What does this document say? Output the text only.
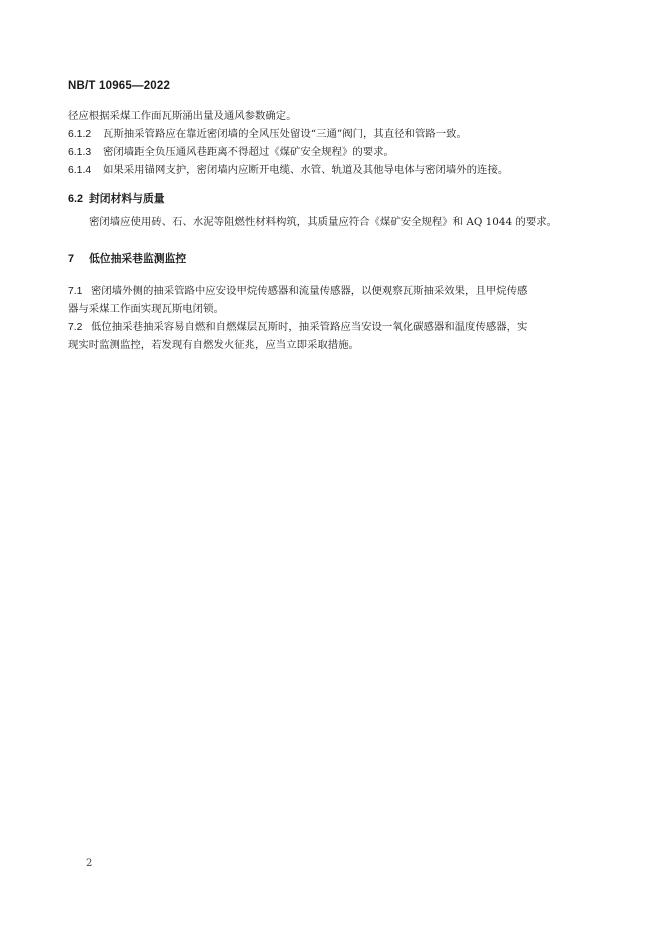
NB/T 10965—2022
径应根据采煤工作面瓦斯涌出量及通风参数确定。
6.1.2 瓦斯抽采管路应在靠近密闭墙的全风压处留设“三通”阀门，其直径和管路一致。
6.1.3 密闭墙距全负压通风巷距离不得超过《煤矿安全规程》的要求。
6.1.4 如果采用锚网支护，密闭墙内应断开电缆、水管、轨道及其他导电体与密闭墙外的连接。
6.2 封闭材料与质量
密闭墙应使用砖、石、水泥等阻燃性材料构筑，其质量应符合《煤矿安全规程》和 AQ 1044 的要求。
7 低位抽采巷监测监控
7.1 密闭墙外侧的抽采管路中应安设甲烷传感器和流量传感器，以便观察瓦斯抽采效果，且甲烷传感
器与采煤工作面实现瓦斯电闭锁。
7.2 低位抽采巷抽采容易自燃和自燃煤层瓦斯时，抽采管路应当安设一氧化碳感器和温度传感器，实
现实时监测监控，若发现有自燃发火征兆，应当立即采取措施。
2
